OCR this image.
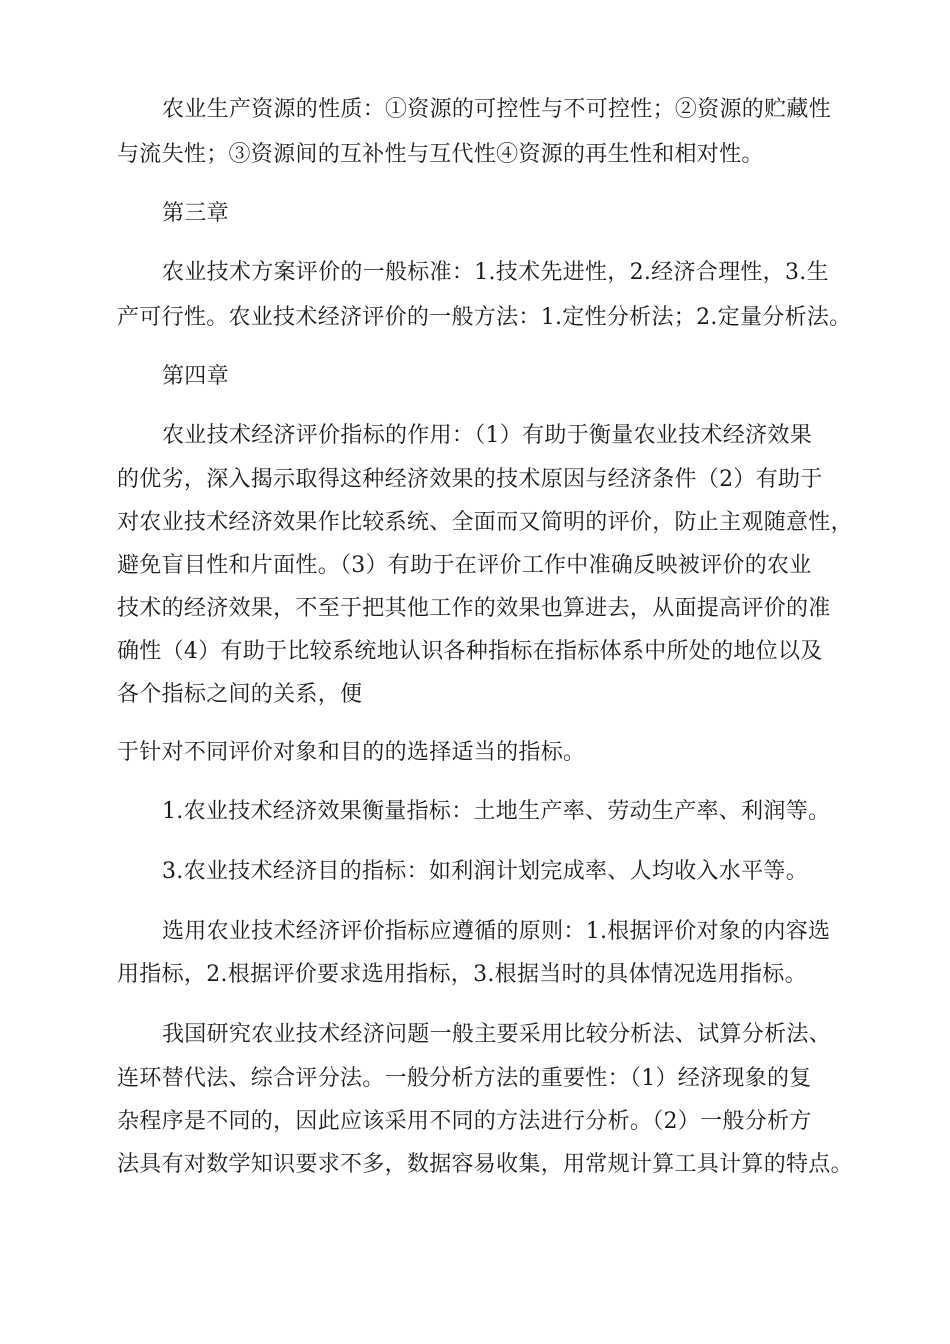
农业生产资源的性质：①资源的可控性与不可控性；②资源的贮藏性
与流失性；③资源间的互补性与互代性④资源的再生性和相对性。
第三章
农业技术方案评价的一般标准：1.技术先进性，2.经济合理性，3.生
产可行性。农业技术经济评价的一般方法：1.定性分析法；2.定量分析法。
第四章
农业技术经济评价指标的作用：（1）有助于衡量农业技术经济效果
的优劣，深入揭示取得这种经济效果的技术原因与经济条件（2）有助于
对农业技术经济效果作比较系统、全面而又简明的评价，防止主观随意性，
避免盲目性和片面性。（3）有助于在评价工作中准确反映被评价的农业
技术的经济效果，不至于把其他工作的效果也算进去，从面提高评价的准
确性（4）有助于比较系统地认识各种指标在指标体系中所处的地位以及
各个指标之间的关系，便
于针对不同评价对象和目的的选择适当的指标。
1.农业技术经济效果衡量指标：土地生产率、劳动生产率、利润等。
3.农业技术经济目的指标：如利润计划完成率、人均收入水平等。
选用农业技术经济评价指标应遵循的原则：1.根据评价对象的内容选
用指标，2.根据评价要求选用指标，3.根据当时的具体情况选用指标。
我国研究农业技术经济问题一般主要采用比较分析法、试算分析法、
连环替代法、综合评分法。一般分析方法的重要性：（1）经济现象的复
杂程序是不同的，因此应该采用不同的方法进行分析。（2）一般分析方
法具有对数学知识要求不多，数据容易收集，用常规计算工具计算的特点。
